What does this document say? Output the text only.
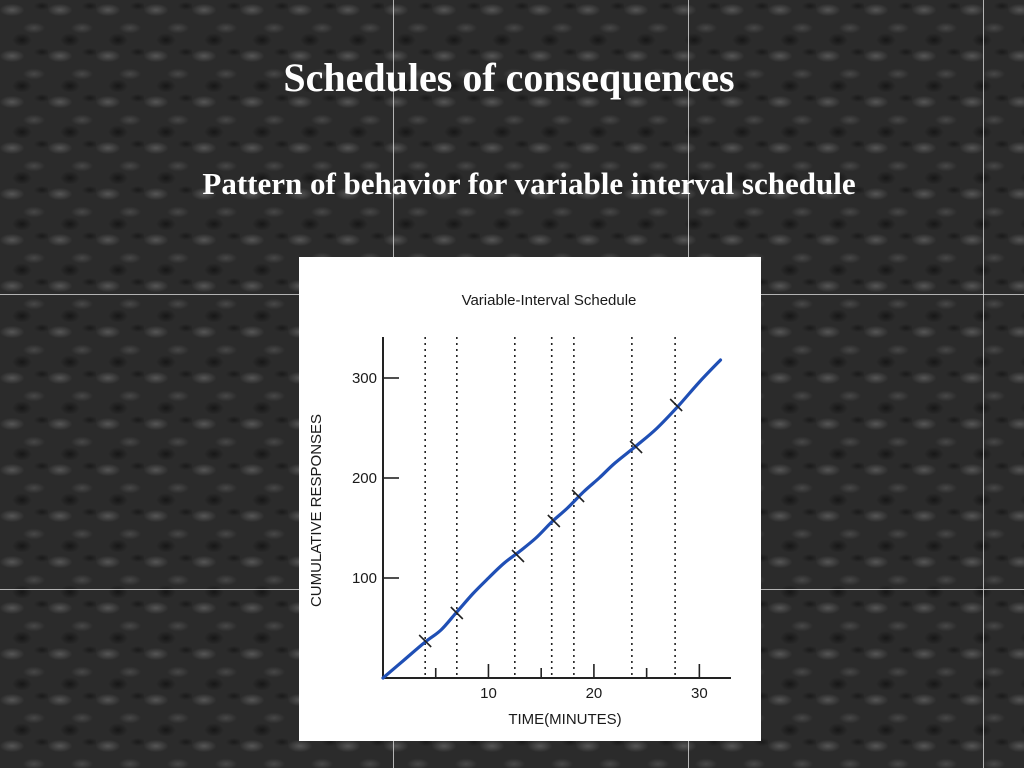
Schedules of consequences
Pattern of behavior for variable interval schedule
Variable-Interval Schedule
100
200
300
10	20	30
CUMULATIVE RESPONSES
TIME(MINUTES)
